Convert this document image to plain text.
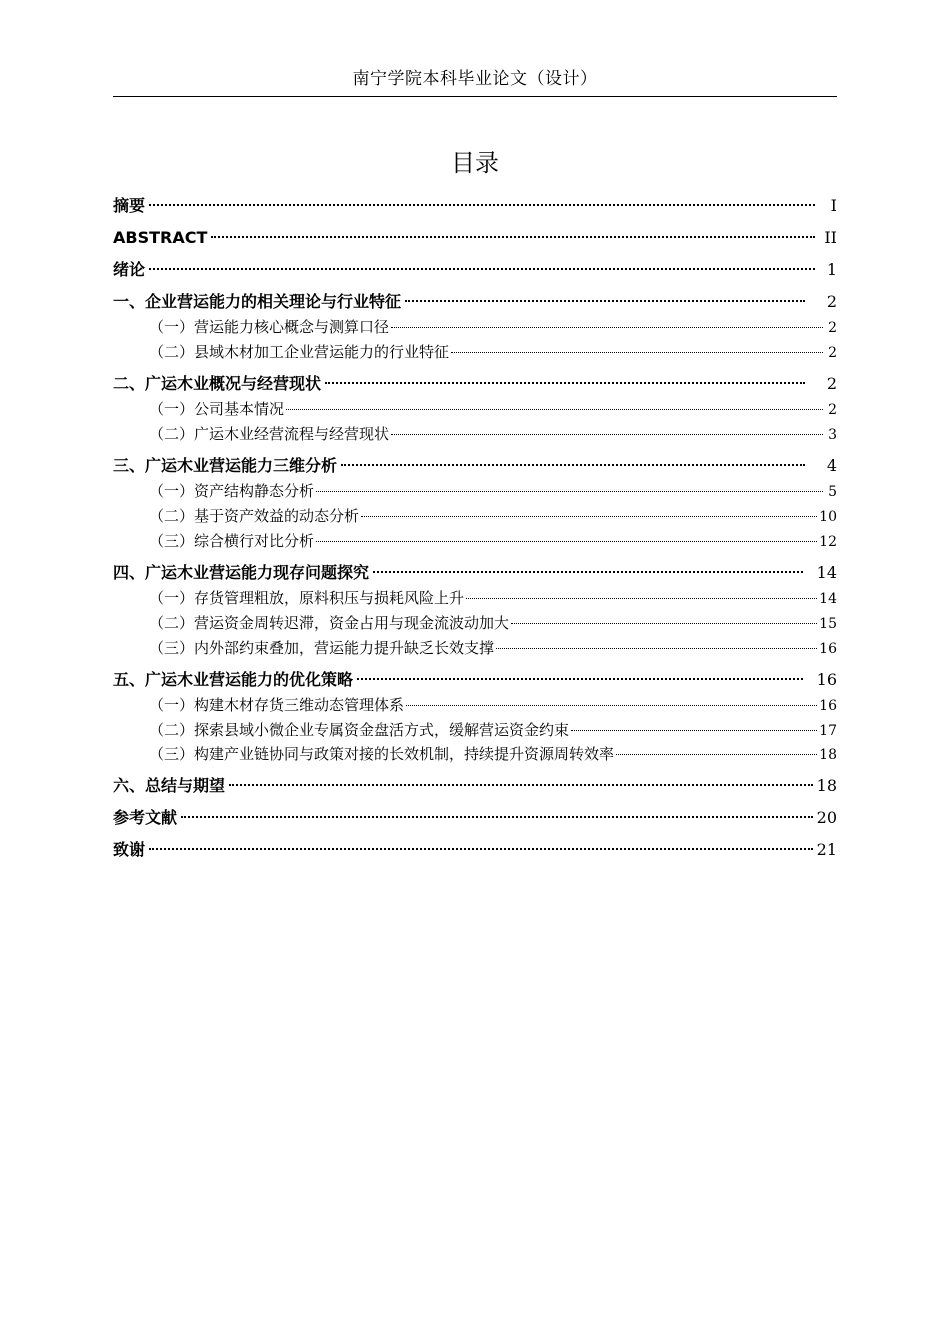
南宁学院本科毕业论文（设计）
目录
摘要	I
ABSTRACT	II
绪论	1
一、企业营运能力的相关理论与行业特征	2
（一）营运能力核心概念与测算口径	2
（二）县域木材加工企业营运能力的行业特征	2
二、广运木业概况与经营现状	2
（一）公司基本情况	2
（二）广运木业经营流程与经营现状	3
三、广运木业营运能力三维分析	4
（一）资产结构静态分析	5
（二）基于资产效益的动态分析	10
（三）综合横行对比分析	12
四、广运木业营运能力现存问题探究	14
（一）存货管理粗放，原料积压与损耗风险上升	14
（二）营运资金周转迟滞，资金占用与现金流波动加大	15
（三）内外部约束叠加，营运能力提升缺乏长效支撑	16
五、广运木业营运能力的优化策略	16
（一）构建木材存货三维动态管理体系	16
（二）探索县域小微企业专属资金盘活方式，缓解营运资金约束	17
（三）构建产业链协同与政策对接的长效机制，持续提升资源周转效率	18
六、总结与期望	18
参考文献	20
致谢	21
